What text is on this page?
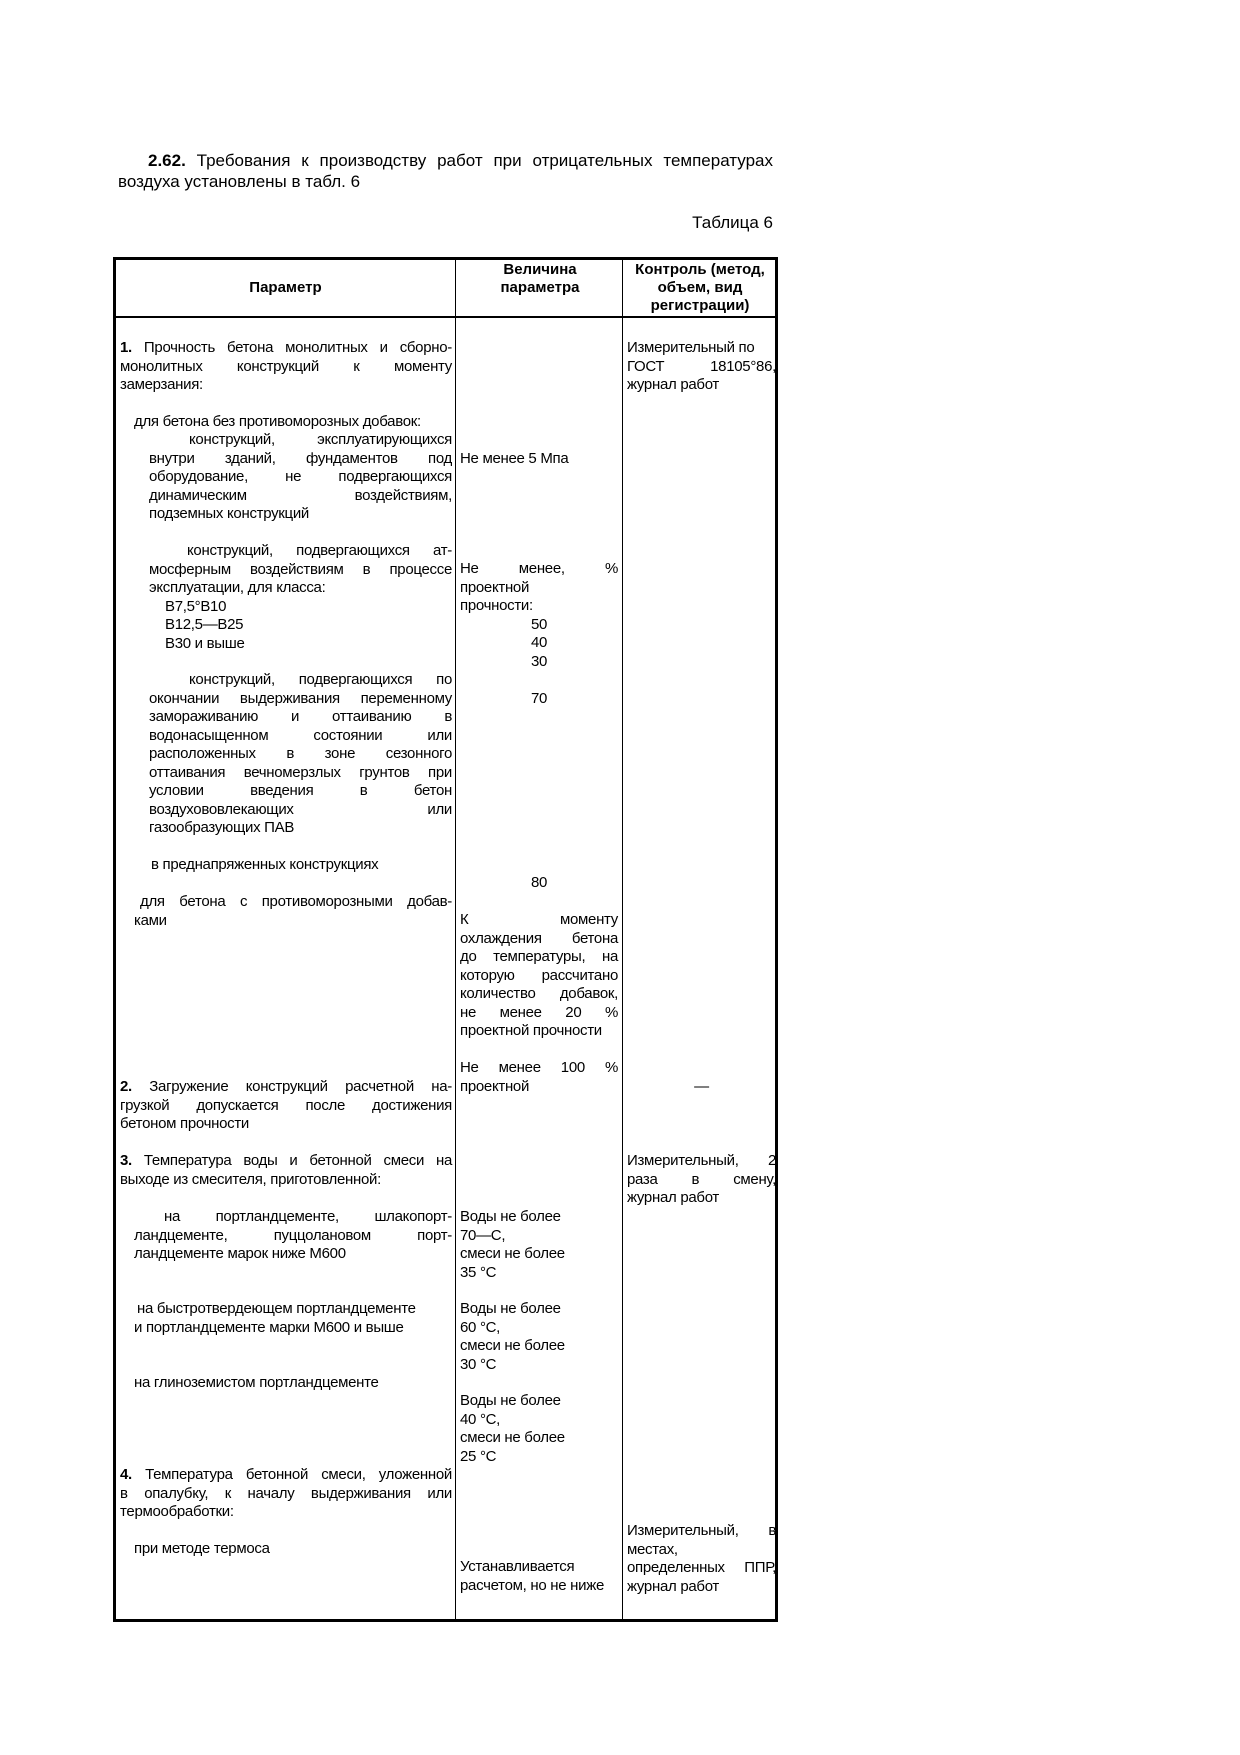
2.62. Требования к производству работ при отрицательных температурах воздуха установлены в табл. 6

Таблица 6
Параметр
Величина параметра
Контроль (метод, объем, вид регистрации)
1. Прочность бетона монолитных и сборно-
монолитных конструкций к моменту
замерзания:
для бетона без противоморозных добавок:
конструкций, эксплуатирующихся
внутри зданий, фундаментов под
оборудование, не подвергающихся
динамическим воздействиям,
подземных конструкций
конструкций, подвергающихся ат-
мосферным воздействиям в процессе
эксплуатации, для класса:
В7,5°В10
В12,5—В25
В30 и выше
конструкций, подвергающихся по
окончании выдерживания переменному
замораживанию и оттаиванию в
водонасыщенном состоянии или
расположенных в зоне сезонного
оттаивания вечномерзлых грунтов при
условии введения в бетон
воздухововлекающих или
газообразующих ПАВ
в преднапряженных конструкциях
для бетона с противоморозными добав-
ками
2. Загружение конструкций расчетной на-
грузкой допускается после достижения
бетоном прочности
3. Температура воды и бетонной смеси на
выходе из смесителя, приготовленной:
на портландцементе, шлакопорт-
ландцементе, пуццолановом порт-
ландцементе марок ниже М600
на быстротвердеющем портландцементе
и портландцементе марки М600 и выше
на глиноземистом портландцементе
4. Температура бетонной смеси, уложенной
в опалубку, к началу выдерживания или
термообработки:
при методе термоса
Не менее 5 Мпа
Не менее, %
проектной
прочности:
50
40
30
70
80
К моменту
охлаждения бетона
до температуры, на
которую рассчитано
количество добавок,
не менее 20 %
проектной прочности
Не менее 100 %
проектной
Воды не более
70—С,
смеси не более
35 °С
Воды не более
60 °С,
смеси не более
30 °С
Воды не более
40 °С,
смеси не более
25 °С
Устанавливается
расчетом, но не ниже
Измерительный по
ГОСТ 18105°86,
журнал работ
—
Измерительный, 2
раза в смену,
журнал работ
Измерительный, в
местах,
определенных ППР,
журнал работ
